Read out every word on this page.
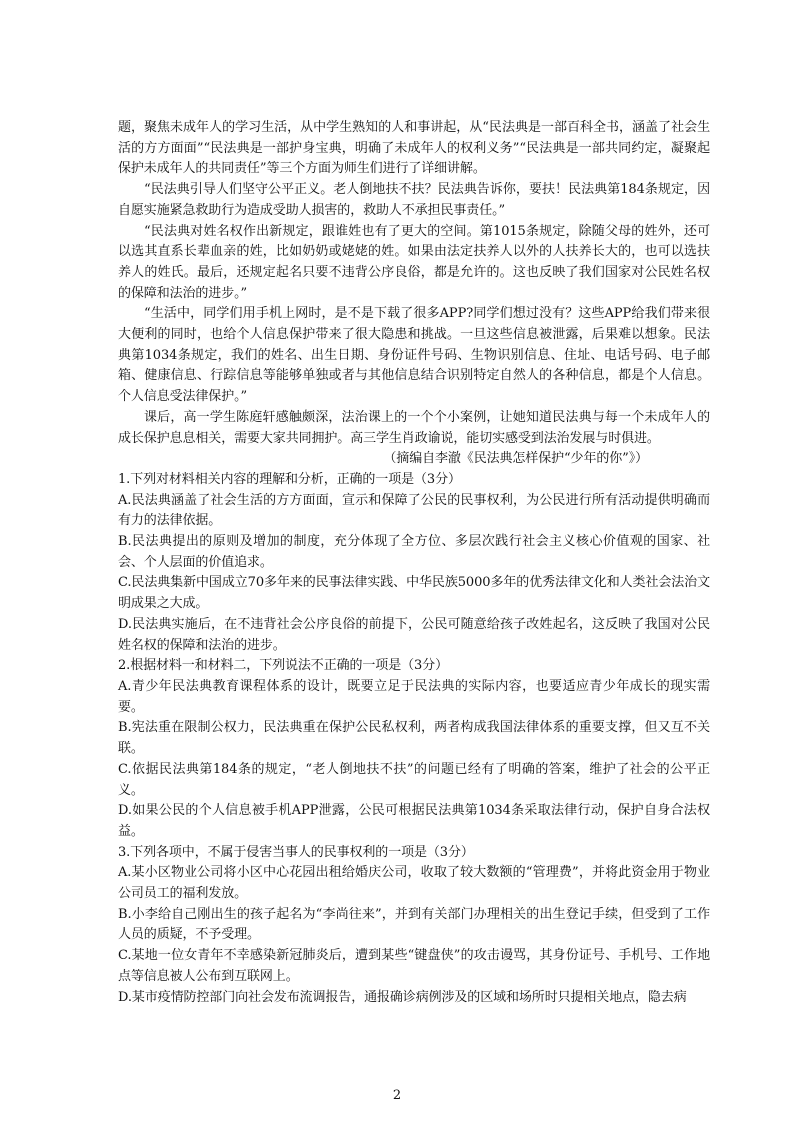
题，聚焦未成年人的学习生活，从中学生熟知的人和事讲起，从“民法典是一部百科全书，涵盖了社会生活的方方面面”“民法典是一部护身宝典，明确了未成年人的权利义务”“民法典是一部共同约定，凝聚起保护未成年人的共同责任”等三个方面为师生们进行了详细讲解。

“民法典引导人们坚守公平正义。老人倒地扶不扶？民法典告诉你，要扶！民法典第184条规定，因自愿实施紧急救助行为造成受助人损害的，救助人不承担民事责任。”

“民法典对姓名权作出新规定，跟谁姓也有了更大的空间。第1015条规定，除随父母的姓外，还可以选其直系长辈血亲的姓，比如奶奶或姥姥的姓。如果由法定扶养人以外的人扶养长大的，也可以选扶养人的姓氏。最后，还规定起名只要不违背公序良俗，都是允许的。这也反映了我们国家对公民姓名权的保障和法治的进步。”

“生活中，同学们用手机上网时，是不是下载了很多APP?同学们想过没有？这些APP给我们带来很大便利的同时，也给个人信息保护带来了很大隐患和挑战。一旦这些信息被泄露，后果难以想象。民法典第1034条规定，我们的姓名、出生日期、身份证件号码、生物识别信息、住址、电话号码、电子邮箱、健康信息、行踪信息等能够单独或者与其他信息结合识别特定自然人的各种信息，都是个人信息。个人信息受法律保护。”

课后，高一学生陈庭轩感触颇深，法治课上的一个个小案例，让她知道民法典与每一个未成年人的成长保护息息相关，需要大家共同拥护。高三学生肖政谕说，能切实感受到法治发展与时俱进。

（摘编自李澈《民法典怎样保护“少年的你”》）

1.下列对材料相关内容的理解和分析，正确的一项是（3分）

A.民法典涵盖了社会生活的方方面面，宣示和保障了公民的民事权利，为公民进行所有活动提供明确而有力的法律依据。

B.民法典提出的原则及增加的制度，充分体现了全方位、多层次践行社会主义核心价值观的国家、社会、个人层面的价值追求。

C.民法典集新中国成立70多年来的民事法律实践、中华民族5000多年的优秀法律文化和人类社会法治文明成果之大成。

D.民法典实施后，在不违背社会公序良俗的前提下，公民可随意给孩子改姓起名，这反映了我国对公民姓名权的保障和法治的进步。

2.根据材料一和材料二，下列说法不正确的一项是（3分）

A.青少年民法典教育课程体系的设计，既要立足于民法典的实际内容，也要适应青少年成长的现实需要。

B.宪法重在限制公权力，民法典重在保护公民私权利，两者构成我国法律体系的重要支撑，但又互不关联。

C.依据民法典第184条的规定，“老人倒地扶不扶”的问题已经有了明确的答案，维护了社会的公平正义。

D.如果公民的个人信息被手机APP泄露，公民可根据民法典第1034条采取法律行动，保护自身合法权益。

3.下列各项中，不属于侵害当事人的民事权利的一项是（3分）

A.某小区物业公司将小区中心花园出租给婚庆公司，收取了较大数额的“管理费”，并将此资金用于物业公司员工的福利发放。

B.小李给自己刚出生的孩子起名为“李尚往来”，并到有关部门办理相关的出生登记手续，但受到了工作人员的质疑，不予受理。

C.某地一位女青年不幸感染新冠肺炎后，遭到某些“键盘侠”的攻击谩骂，其身份证号、手机号、工作地点等信息被人公布到互联网上。

D.某市疫情防控部门向社会发布流调报告，通报确诊病例涉及的区域和场所时只提相关地点，隐去病

2
